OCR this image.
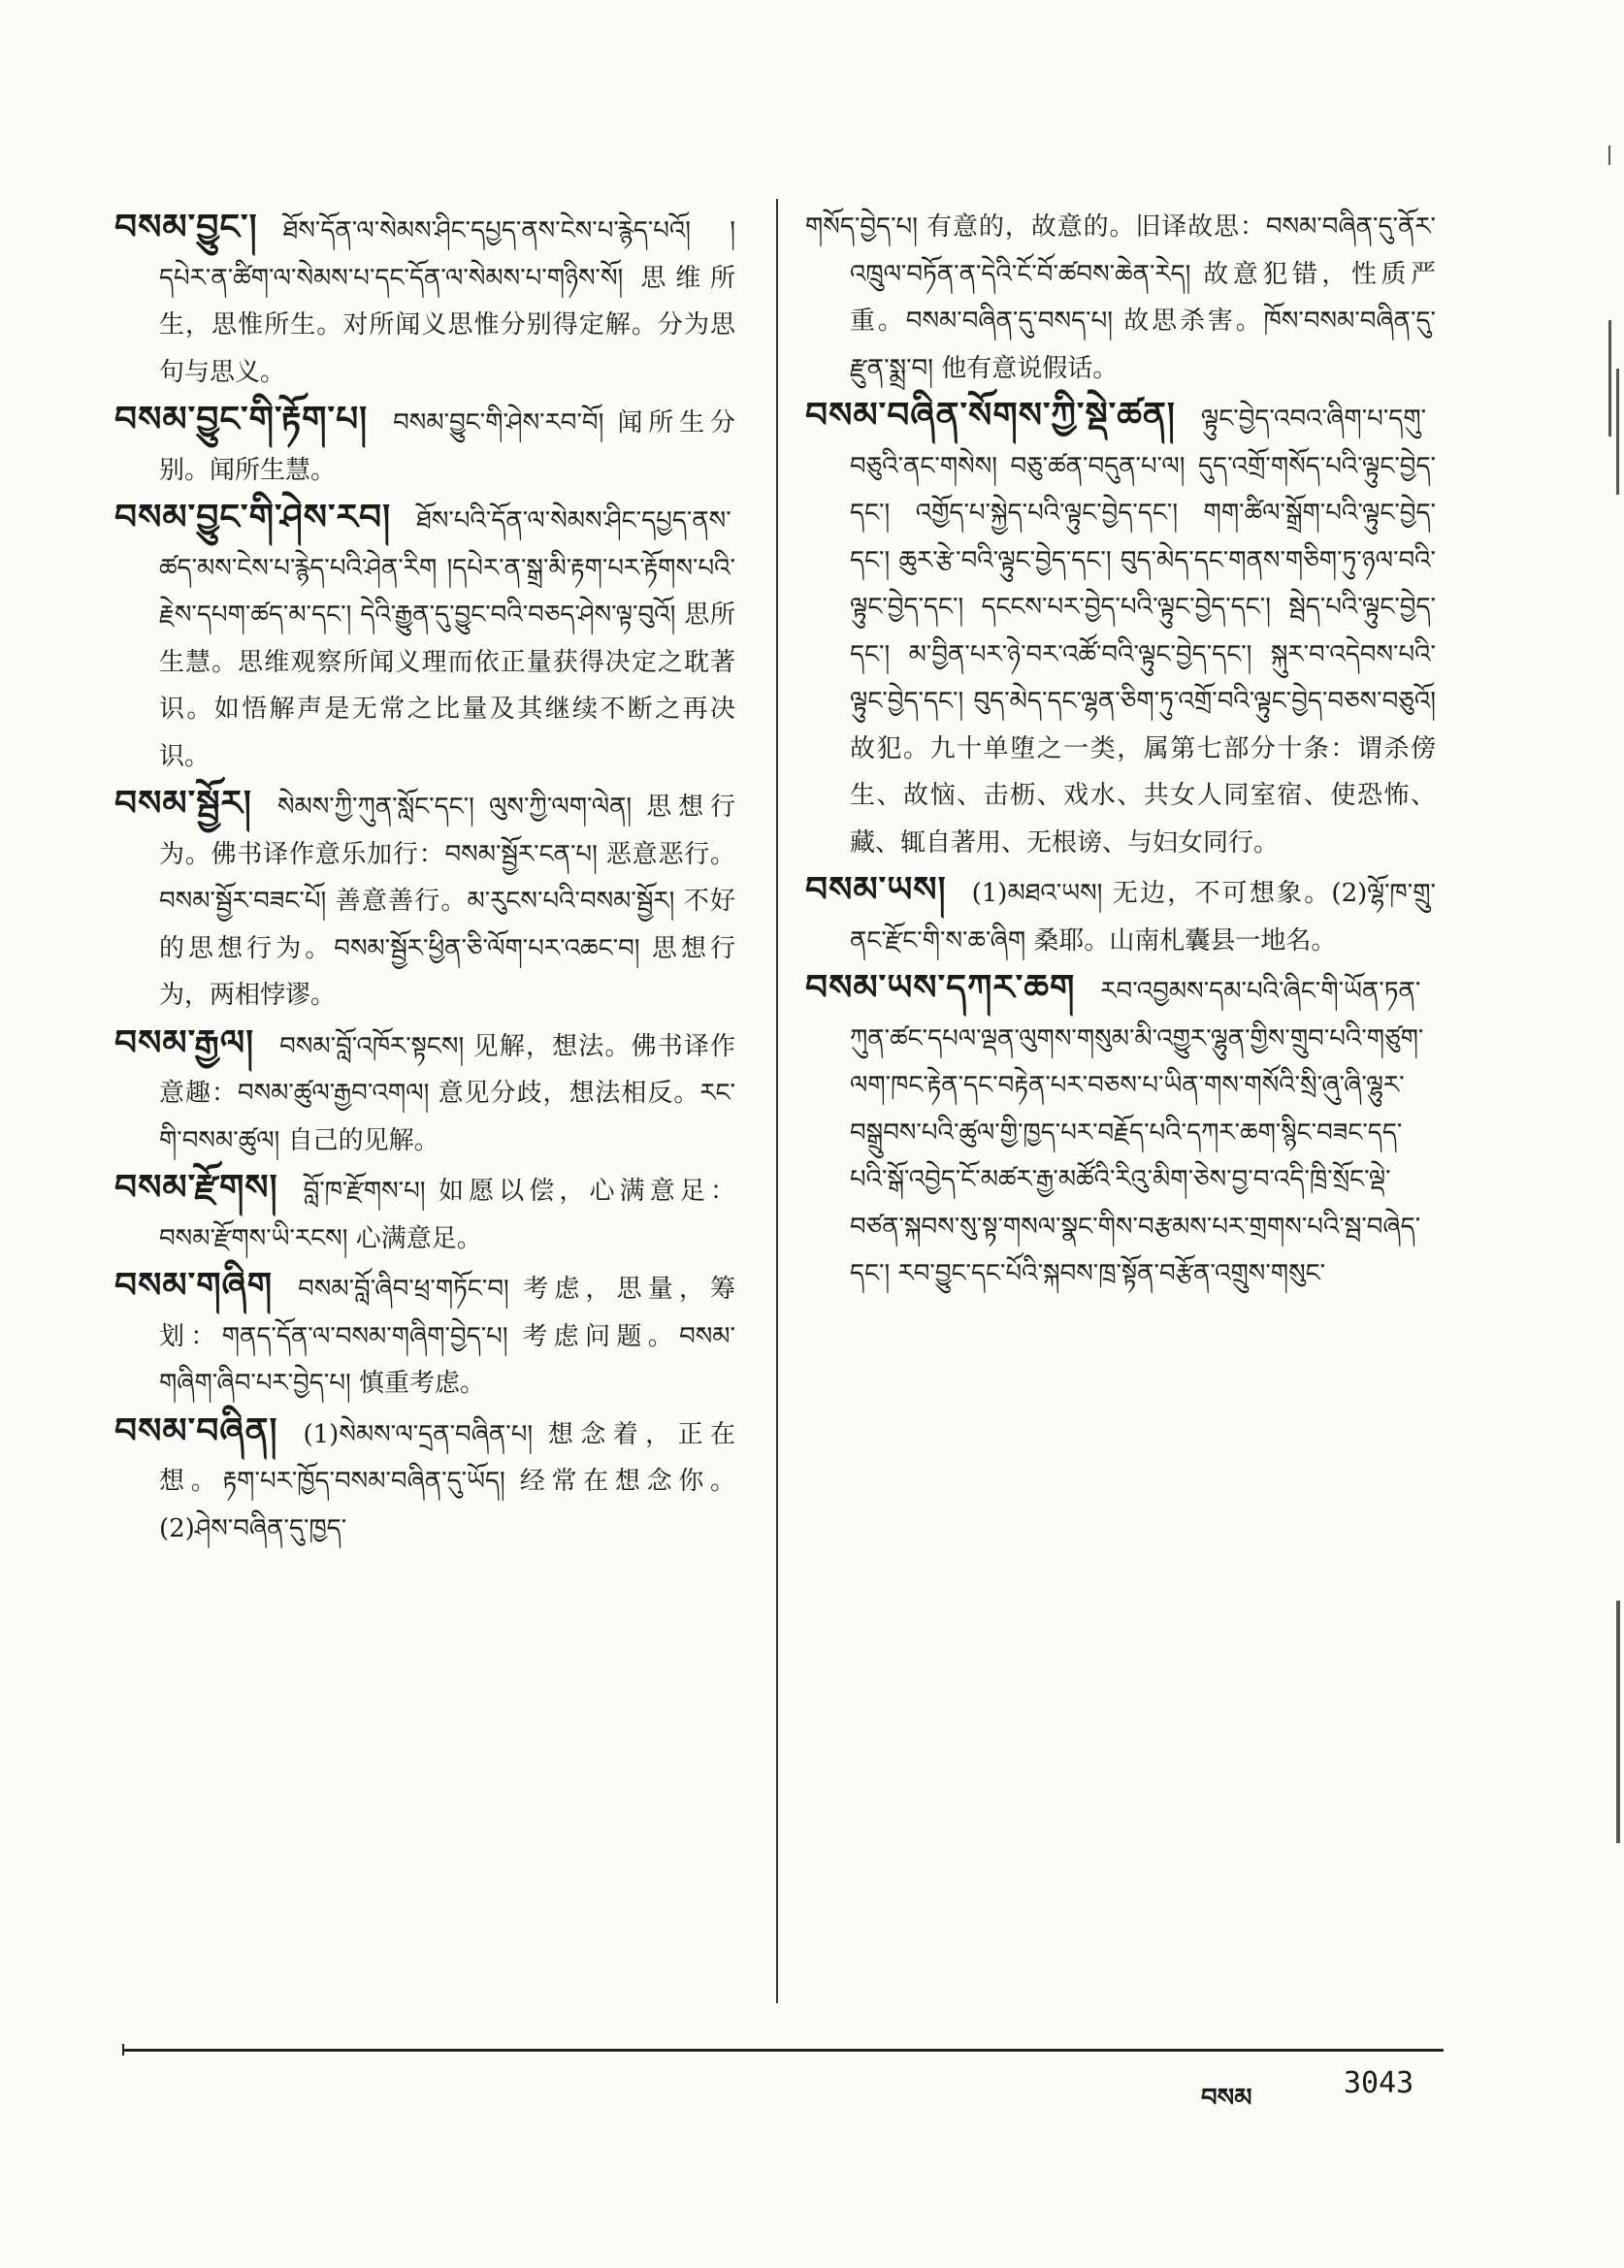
བསམ་བྱུང་། ཐོས་དོན་ལ་སེམས་ཤིང་དཔྱད་ནས་ངེས་པ་རྙེད་པའོ། །དཔེར་ན་ཚིག་ལ་སེམས་པ་དང་དོན་ལ་སེམས་པ་གཉིས་སོ། 思维所生，思惟所生。对所闻义思惟分别得定解。分为思句与思义。

བསམ་བྱུང་གི་རྟོག་པ། བསམ་བྱུང་གི་ཤེས་རབ་བོ། 闻所生分别。闻所生慧。

བསམ་བྱུང་གི་ཤེས་རབ། ཐོས་པའི་དོན་ལ་སེམས་ཤིང་དཔྱད་ནས་ཚད་མས་ངེས་པ་རྙེད་པའི་ཤེན་རིག །དཔེར་ན་སྒྲ་མི་རྟག་པར་རྟོགས་པའི་རྗེས་དཔག་ཚད་མ་དང་། དེའི་རྒྱུན་དུ་བྱུང་བའི་བཅད་ཤེས་ལྟ་བུའོ། 思所生慧。思维观察所闻义理而依正量获得决定之耽著识。如悟解声是无常之比量及其继续不断之再决识。

བསམ་སྦྱོར། སེམས་ཀྱི་ཀུན་སློང་དང་། ལུས་ཀྱི་ལག་ལེན། 思想行为。佛书译作意乐加行：བསམ་སྦྱོར་ངན་པ། 恶意恶行。བསམ་སྦྱོར་བཟང་པོ། 善意善行。མ་རུངས་པའི་བསམ་སྦྱོར། 不好的思想行为。བསམ་སྦྱོར་ཕྱིན་ཅི་ལོག་པར་འཆང་བ། 思想行为，两相悖谬。

བསམ་རྒྱལ། བསམ་བློ་འཁོར་སྟངས། 见解，想法。佛书译作意趣：བསམ་ཚུལ་རྒྱབ་འགལ། 意见分歧，想法相反。རང་གི་བསམ་ཚུལ། 自己的见解。

བསམ་རྫོགས། བློ་ཁ་རྫོགས་པ། 如愿以偿，心满意足：བསམ་རྫོགས་ཡི་རངས། 心满意足。

བསམ་གཞིག བསམ་བློ་ཞིབ་ཕྲ་གཏོང་བ། 考虑，思量，筹划：གནད་དོན་ལ་བསམ་གཞིག་བྱེད་པ། 考虑问题。བསམ་གཞིག་ཞིབ་པར་བྱེད་པ། 慎重考虑。

བསམ་བཞིན། (1)སེམས་ལ་དྲན་བཞིན་པ། 想念着，正在想。རྟག་པར་ཁྱོད་བསམ་བཞིན་དུ་ཡོད། 经常在想念你。(2)ཤེས་བཞིན་དུ་ཁྱད་

གསོད་བྱེད་པ། 有意的，故意的。旧译故思：བསམ་བཞིན་དུ་ནོར་འཁྲུལ་བཏོན་ན་དེའི་ངོ་བོ་ཚབས་ཆེན་རེད། 故意犯错，性质严重。བསམ་བཞིན་དུ་བསད་པ། 故思杀害。ཁོས་བསམ་བཞིན་དུ་རྫུན་སྨྲ་བ། 他有意说假话。

བསམ་བཞིན་སོགས་ཀྱི་སྡེ་ཚན། ལྟུང་བྱེད་འབའ་ཞིག་པ་དགུ་བཅུའི་ནང་གསེས། བཅུ་ཚན་བདུན་པ་ལ། དུད་འགྲོ་གསོད་པའི་ལྟུང་བྱེད་དང་། འགྱོད་པ་སྐྱེད་པའི་ལྟུང་བྱེད་དང་། གག་ཚིལ་སྒྲོག་པའི་ལྟུང་བྱེད་དང་། ཆུར་རྩེ་བའི་ལྟུང་བྱེད་དང་། བུད་མེད་དང་གནས་གཅིག་ཏུ་ཉལ་བའི་ལྟུང་བྱེད་དང་། དངངས་པར་བྱེད་པའི་ལྟུང་བྱེད་དང་། སྦེད་པའི་ལྟུང་བྱེད་དང་། མ་བྱིན་པར་ཉེ་བར་འཚོ་བའི་ལྟུང་བྱེད་དང་། སྐུར་བ་འདེབས་པའི་ལྟུང་བྱེད་དང་། བུད་མེད་དང་ལྷན་ཅིག་ཏུ་འགྲོ་བའི་ལྟུང་བྱེད་བཅས་བཅུའོ། 故犯。九十单堕之一类，属第七部分十条：谓杀傍生、故恼、击枥、戏水、共女人同室宿、使恐怖、藏、辄自著用、无根谤、与妇女同行。

བསམ་ཡས། (1)མཐའ་ཡས། 无边，不可想象。(2)ལྷོ་ཁ་གྲུ་ནང་རྫོང་གི་ས་ཆ་ཞིག 桑耶。山南札囊县一地名。

བསམ་ཡས་དཀར་ཆག རབ་འབྱམས་དམ་པའི་ཞིང་གི་ཡོན་ཏན་ཀུན་ཚང་དཔལ་ལྡན་ལུགས་གསུམ་མི་འགྱུར་ལྷུན་གྱིས་གྲུབ་པའི་གཙུག་ལག་ཁང་རྟེན་དང་བརྟེན་པར་བཅས་པ་ཡིན་གས་གསོའི་སྲི་ཞུ་ཞི་ལྷུར་བསྒྲུབས་པའི་ཚུལ་གྱི་ཁྱད་པར་བརྗོད་པའི་དཀར་ཆག་སྙིང་བཟང་དད་པའི་སྒོ་འབྱེད་ངོ་མཚར་རྒྱ་མཚོའི་རིའུ་མིག་ཅེས་བྱ་བ་འདི་ཁྲི་སྲོང་ལྡེ་བཙན་སྐབས་སུ་སྟ་གསལ་སྣང་གིས་བརྩམས་པར་གྲགས་པའི་སྦ་བཞེད་དང་། རབ་བྱུང་དང་པོའི་སྐབས་ཁྲ་སྟོན་བརྩོན་འགྲུས་གསུང་

བསམ	3043
